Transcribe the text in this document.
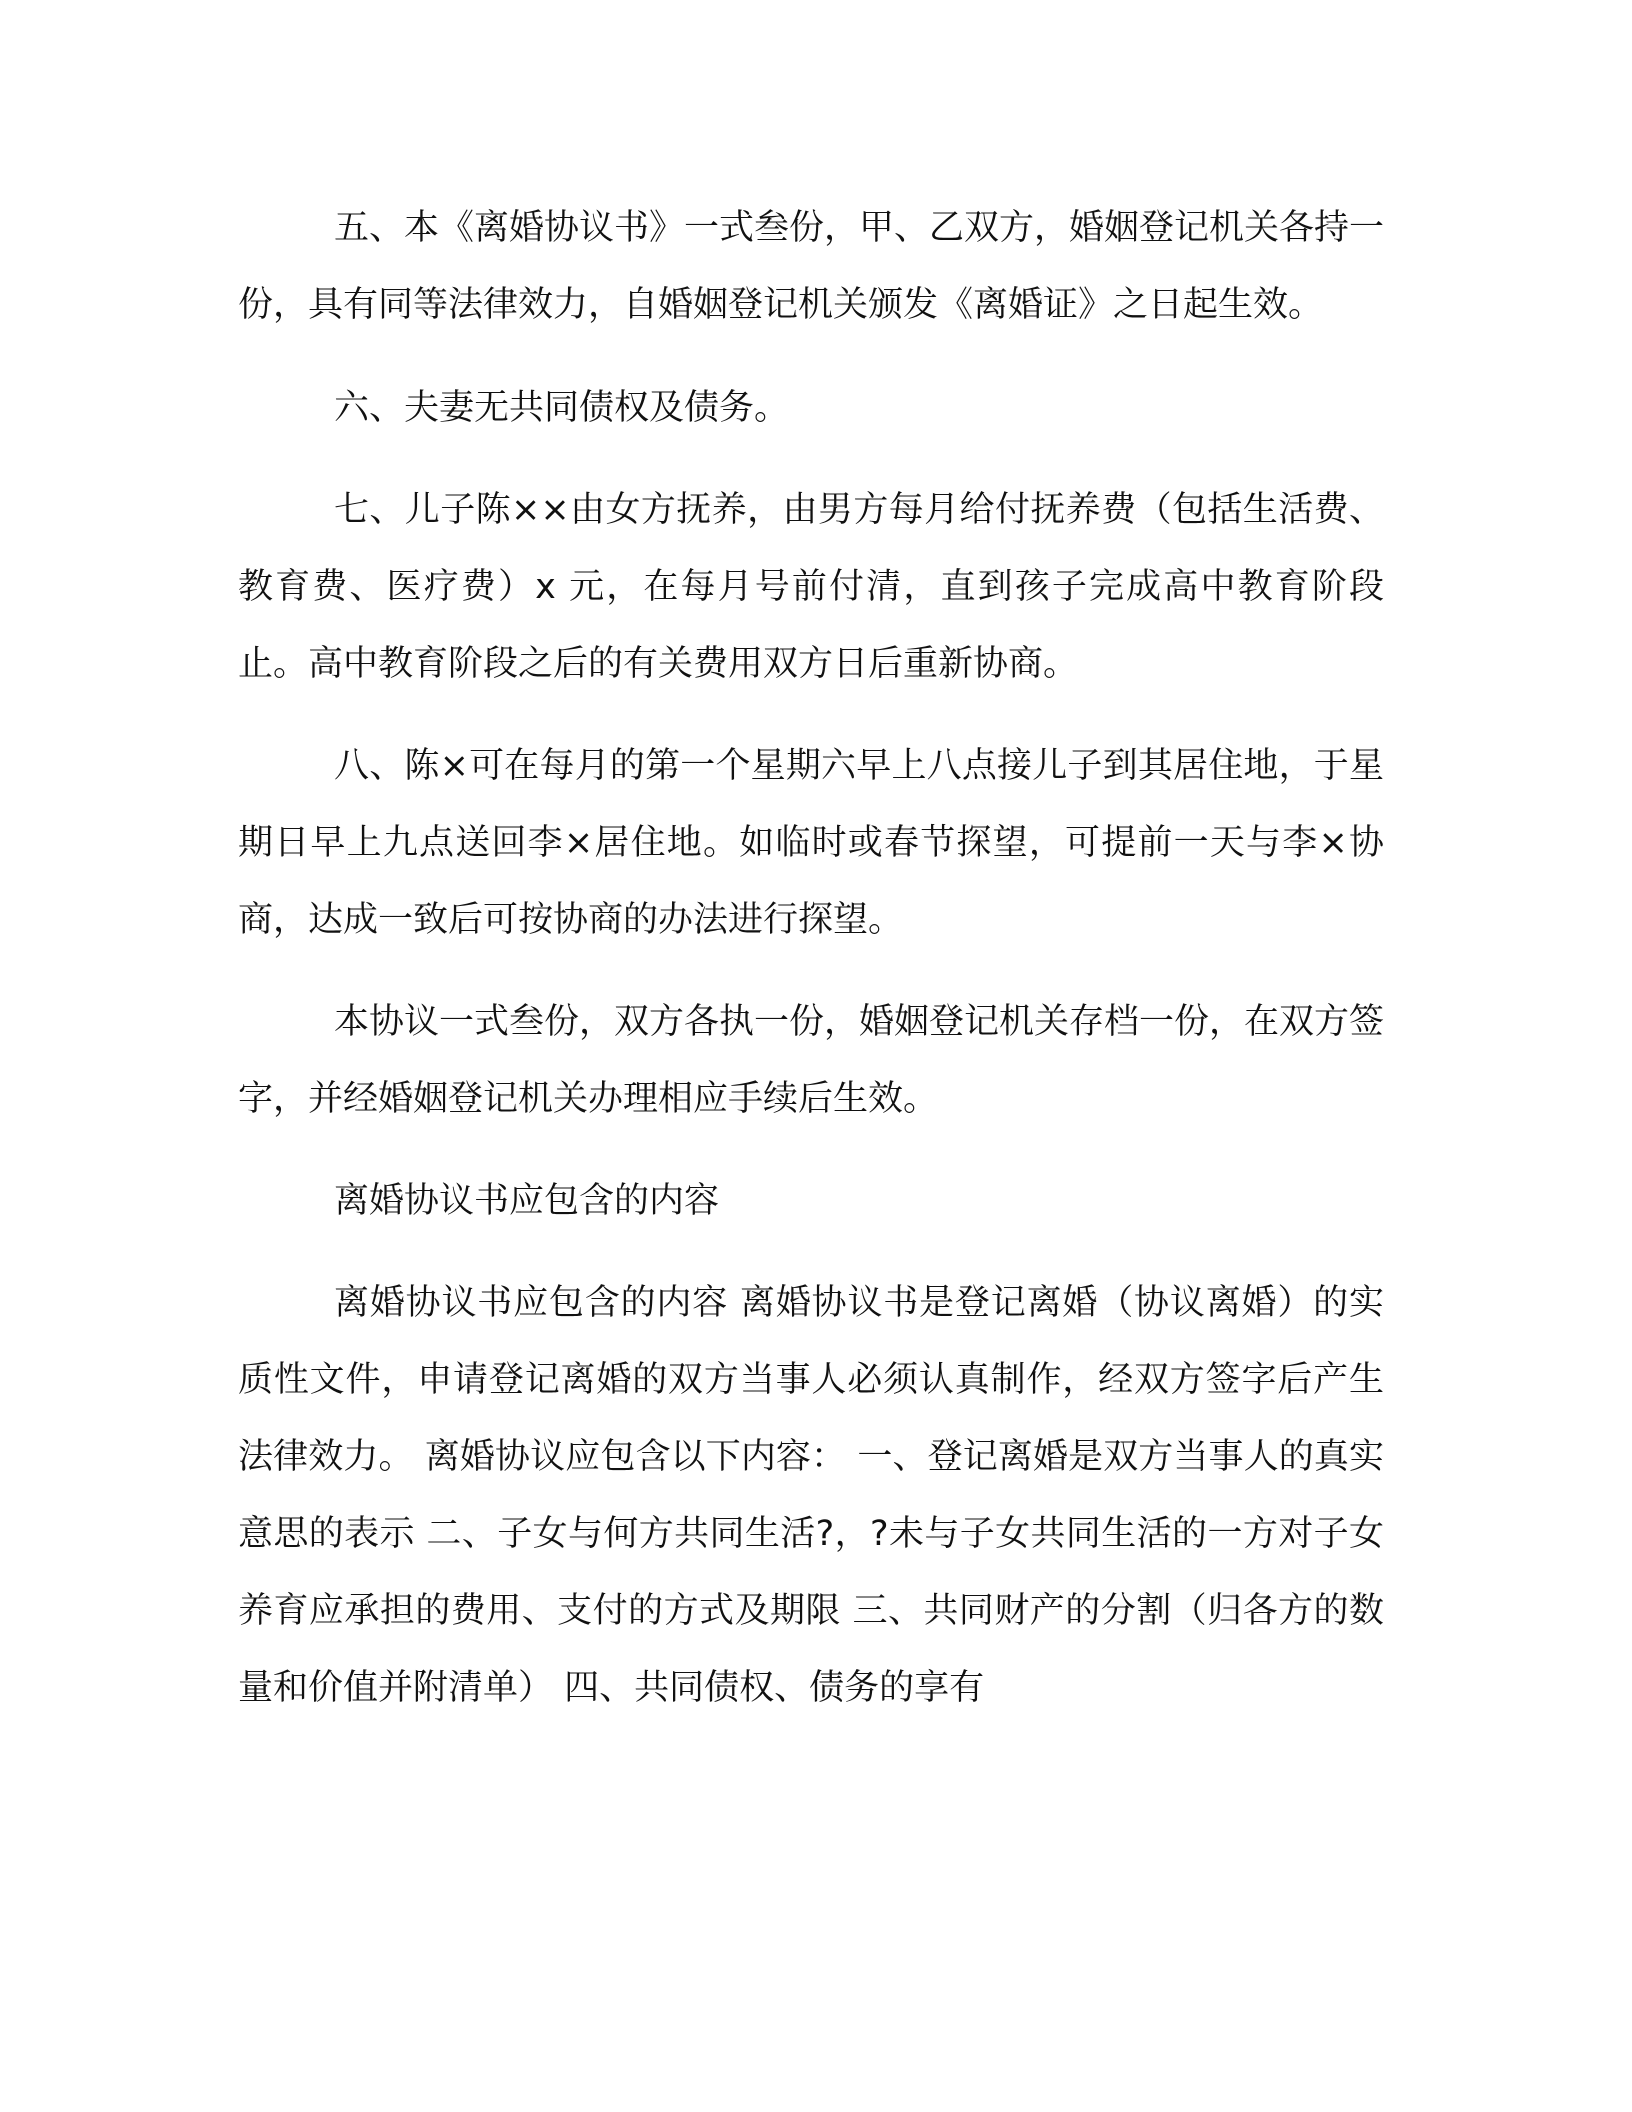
五、本《离婚协议书》一式叁份，甲、乙双方，婚姻登记机关各持一份，具有同等法律效力，自婚姻登记机关颁发《离婚证》之日起生效。

六、夫妻无共同债权及债务。

七、儿子陈××由女方抚养，由男方每月给付抚养费（包括生活费、教育费、医疗费）x 元，在每月号前付清，直到孩子完成高中教育阶段止。高中教育阶段之后的有关费用双方日后重新协商。

八、陈×可在每月的第一个星期六早上八点接儿子到其居住地，于星期日早上九点送回李×居住地。如临时或春节探望，可提前一天与李×协商，达成一致后可按协商的办法进行探望。

本协议一式叁份，双方各执一份，婚姻登记机关存档一份，在双方签字，并经婚姻登记机关办理相应手续后生效。

离婚协议书应包含的内容

离婚协议书应包含的内容 离婚协议书是登记离婚（协议离婚）的实质性文件，申请登记离婚的双方当事人必须认真制作，经双方签字后产生法律效力。 离婚协议应包含以下内容： 一、登记离婚是双方当事人的真实意思的表示 二、子女与何方共同生活?，?未与子女共同生活的一方对子女养育应承担的费用、支付的方式及期限 三、共同财产的分割（归各方的数量和价值并附清单） 四、共同债权、债务的享有
